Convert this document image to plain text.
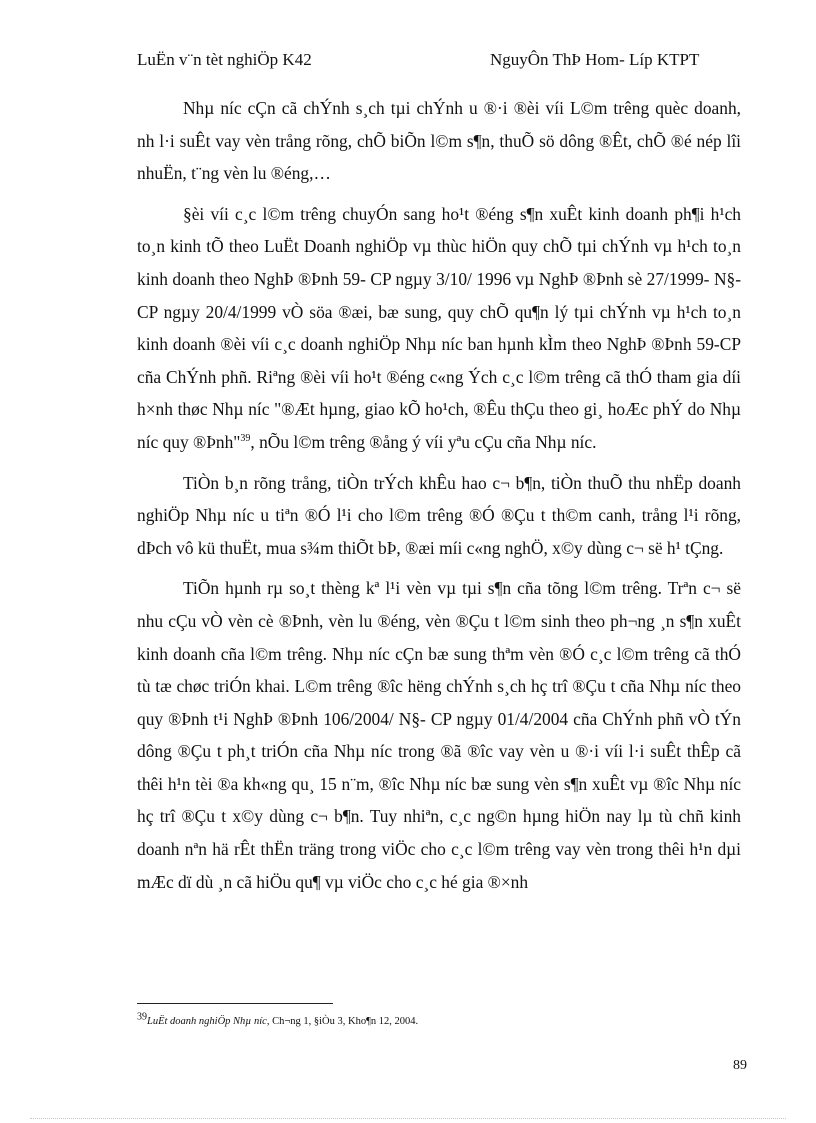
LuËn v¨n tèt nghiÖp K42	NguyÔn ThÞ Hom- Líp KTPT

Nhµ níc cÇn cã chÝnh s¸ch tµi chÝnh u ®·i ®èi víi L©m trêng quèc doanh, nh l·i suÊt vay vèn trång rõng, chÕ biÕn l©m s¶n, thuÕ sö dông ®Êt, chÕ ®é nép lîi nhuËn, t¨ng vèn lu ®éng,…

§èi víi c¸c l©m trêng chuyÓn sang ho¹t ®éng s¶n xuÊt kinh doanh ph¶i h¹ch to¸n kinh tÕ theo LuËt Doanh nghiÖp vµ thùc hiÖn quy chÕ tµi chÝnh vµ h¹ch to¸n kinh doanh theo NghÞ ®Þnh 59- CP ngµy 3/10/ 1996 vµ NghÞ ®Þnh sè 27/1999- N§- CP ngµy 20/4/1999 vÒ söa ®æi, bæ sung, quy chÕ qu¶n lý tµi chÝnh vµ h¹ch to¸n kinh doanh ®èi víi c¸c doanh nghiÖp Nhµ níc ban hµnh kÌm theo NghÞ ®Þnh 59-CP cña ChÝnh phñ. Riªng ®èi víi ho¹t ®éng c«ng Ých c¸c l©m trêng cã thÓ tham gia díi h×nh thøc Nhµ níc "®Æt hµng, giao kÕ ho¹ch, ®Êu thÇu theo gi¸ hoÆc phÝ do Nhµ níc quy ®Þnh"$^{39}$, nÕu l©m trêng ®ång ý víi yªu cÇu cña Nhµ níc.

TiÒn b¸n rõng trång, tiÒn trÝch khÊu hao c¬ b¶n, tiÒn thuÕ thu nhËp doanh nghiÖp Nhµ níc u tiªn ®Ó l¹i cho l©m trêng ®Ó ®Çu t th©m canh, trång l¹i rõng, dÞch vô kü thuËt, mua s¾m thiÕt bÞ, ®æi míi c«ng nghÖ, x©y dùng c¬ së h¹ tÇng.

TiÕn hµnh rµ so¸t thèng kª l¹i vèn vµ tµi s¶n cña tõng l©m trêng. Trªn c¬ së nhu cÇu vÒ vèn cè ®Þnh, vèn lu ®éng, vèn ®Çu t l©m sinh theo ph¬ng ¸n s¶n xuÊt kinh doanh cña l©m trêng. Nhµ níc cÇn bæ sung thªm vèn ®Ó c¸c l©m trêng cã thÓ tù tæ chøc triÓn khai. L©m trêng ®îc hëng chÝnh s¸ch hç trî ®Çu t cña Nhµ níc theo quy ®Þnh t¹i NghÞ ®Þnh 106/2004/ N§- CP ngµy 01/4/2004 cña ChÝnh phñ vÒ tÝn dông ®Çu t ph¸t triÓn cña Nhµ níc trong ®ã ®îc vay vèn u ®·i víi l·i suÊt thÊp cã thêi h¹n tèi ®a kh«ng qu¸ 15 n¨m, ®îc Nhµ níc bæ sung vèn s¶n xuÊt vµ ®îc Nhµ níc hç trî ®Çu t x©y dùng c¬ b¶n. Tuy nhiªn, c¸c ng©n hµng hiÖn nay lµ tù chñ kinh doanh nªn hä rÊt thËn träng trong viÖc cho c¸c l©m trêng vay vèn trong thêi h¹n dµi mÆc dï dù ¸n cã hiÖu qu¶ vµ viÖc cho c¸c hé gia ®×nh

$^{39}$LuËt doanh nghiÖp Nhµ níc, Ch¬ng 1, §iÒu 3, Kho¶n 12, 2004.
89
